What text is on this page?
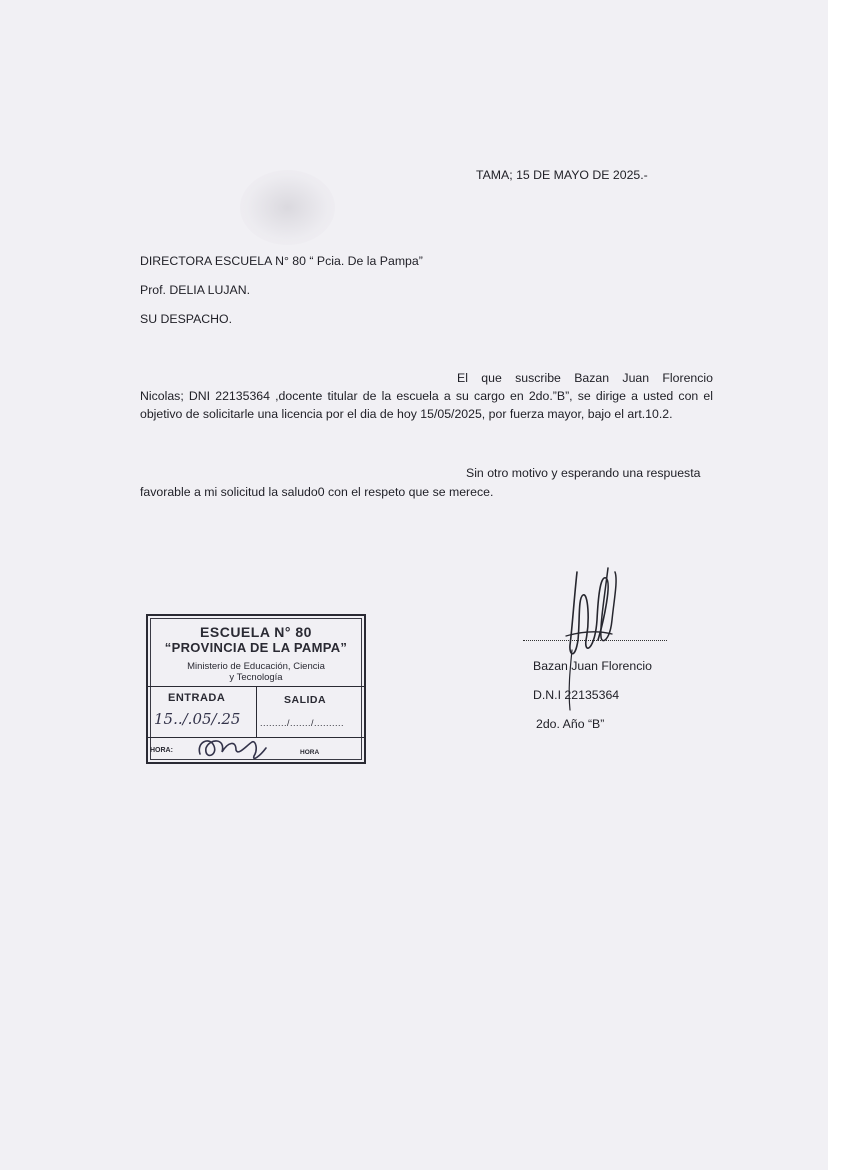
TAMA; 15 DE MAYO DE 2025.-
DIRECTORA ESCUELA N° 80 “ Pcia. De la Pampa”
Prof. DELIA LUJAN.
SU DESPACHO.
El que suscribe Bazan Juan Florencio
Nicolas; DNI 22135364 ,docente titular de la escuela a su cargo en 2do.”B”, se dirige a usted con el
objetivo de solicitarle una licencia por el dia de hoy 15/05/2025, por fuerza mayor, bajo el art.10.2.
Sin otro motivo y esperando una respuesta
favorable a mi solicitud la saludo0 con el respeto que se merece.
ESCUELA N° 80
“PROVINCIA DE LA PAMPA”
Ministerio de Educación, Ciencia
y Tecnología
ENTRADA	SALIDA
15../.05/.25 ........./......./..........
HORA:	HORA
Bazan Juan Florencio
D.N.I 22135364
2do. Año “B”
